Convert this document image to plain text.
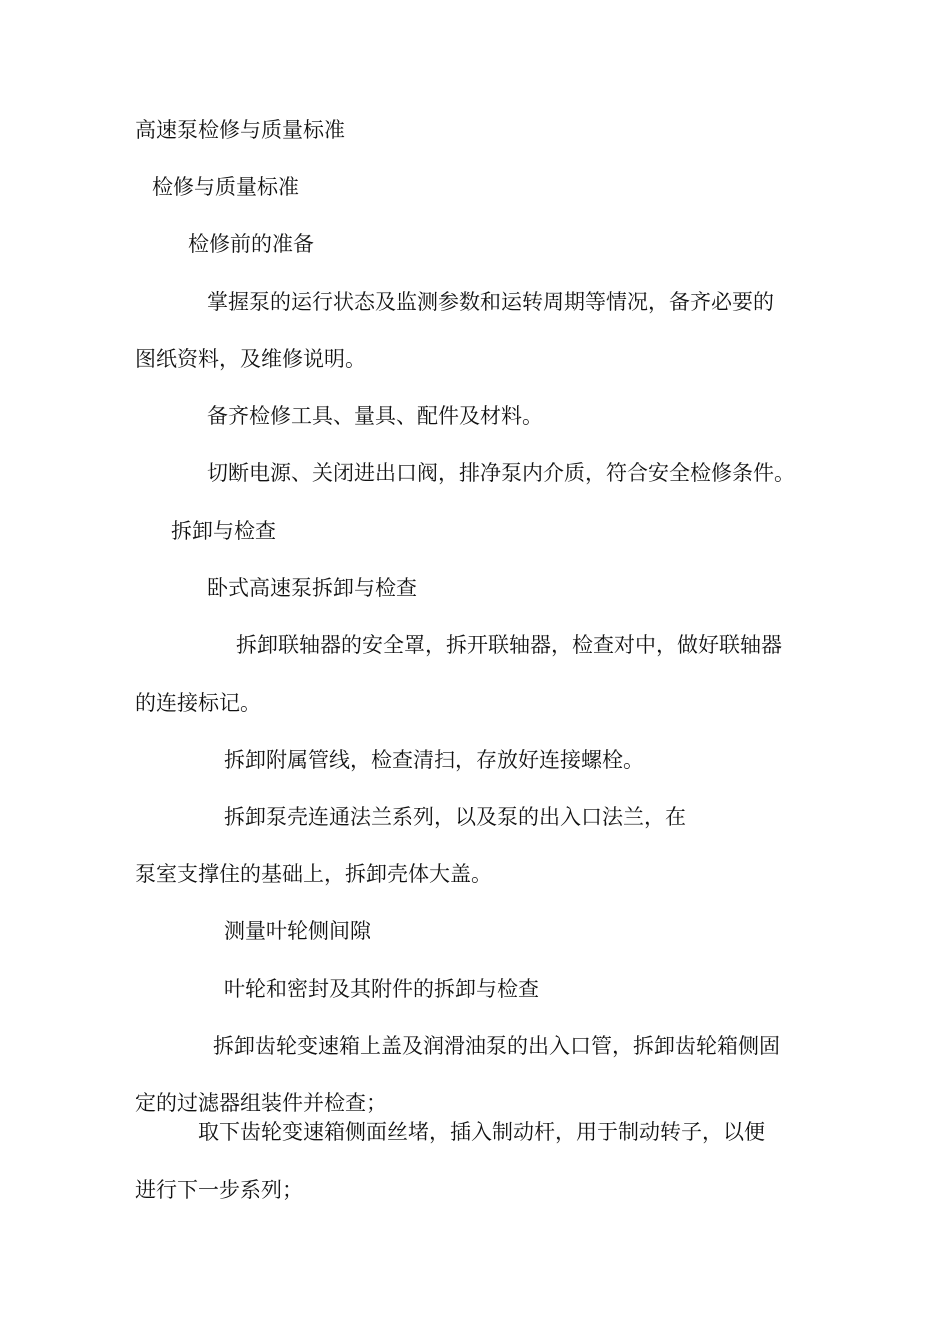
高速泵检修与质量标准
检修与质量标准
检修前的准备
掌握泵的运行状态及监测参数和运转周期等情况，备齐必要的
图纸资料，及维修说明。
备齐检修工具、量具、配件及材料。
切断电源、关闭进出口阀，排净泵内介质，符合安全检修条件。
拆卸与检查
卧式高速泵拆卸与检查
拆卸联轴器的安全罩，拆开联轴器，检查对中，做好联轴器
的连接标记。
拆卸附属管线，检查清扫，存放好连接螺栓。
拆卸泵壳连通法兰系列，以及泵的出入口法兰，在
泵室支撑住的基础上，拆卸壳体大盖。
测量叶轮侧间隙
叶轮和密封及其附件的拆卸与检查
拆卸齿轮变速箱上盖及润滑油泵的出入口管，拆卸齿轮箱侧固
定的过滤器组装件并检查；
取下齿轮变速箱侧面丝堵，插入制动杆，用于制动转子，以便
进行下一步系列；
